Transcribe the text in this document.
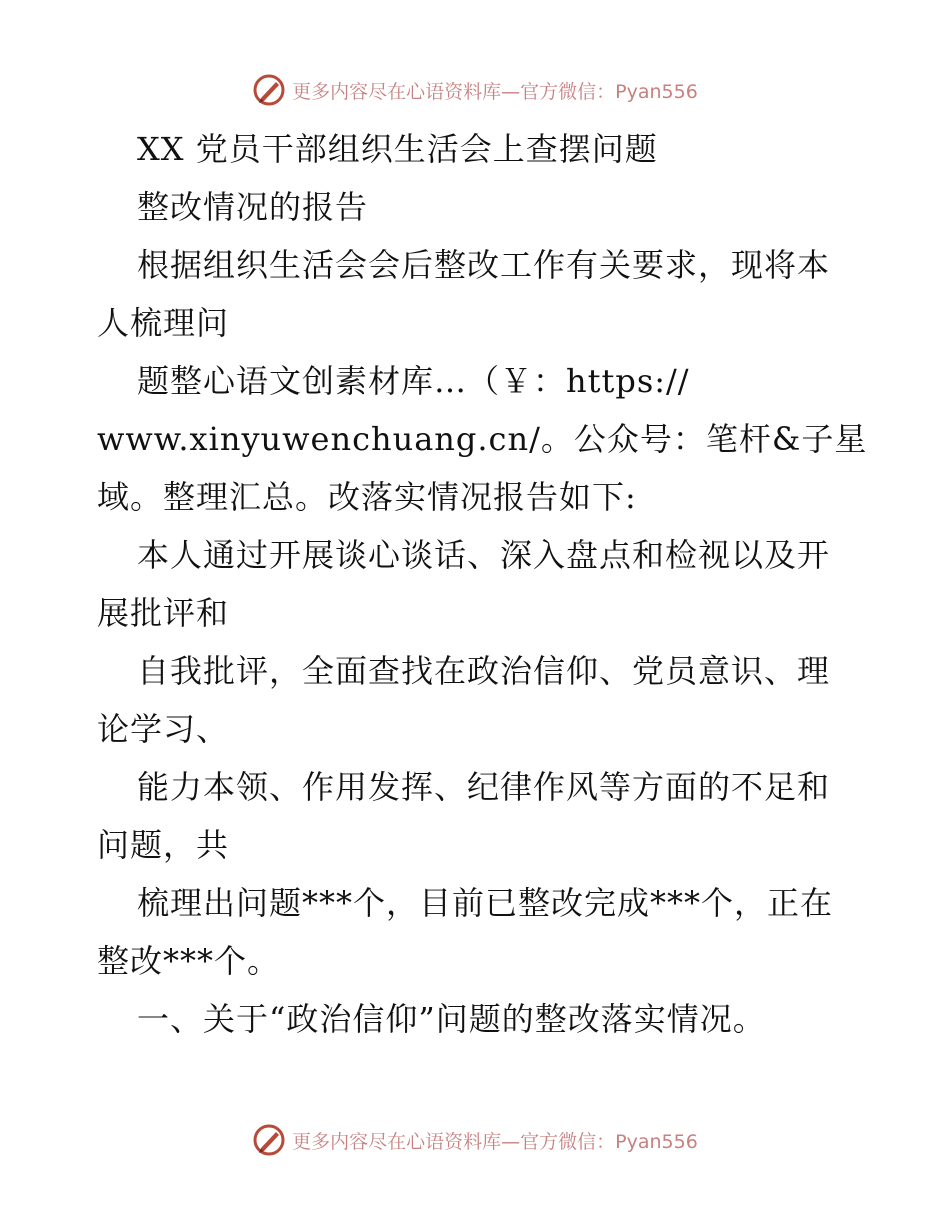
更多内容尽在心语资料库—官方微信：Pyan556
XX 党员干部组织生活会上查摆问题
整改情况的报告
根据组织生活会会后整改工作有关要求，现将本
人梳理问
题整心语文创素材库…（￥：https://
www.xinyuwenchuang.cn/。公众号：笔杆&子星
域。整理汇总。改落实情况报告如下:
本人通过开展谈心谈话、深入盘点和检视以及开
展批评和
自我批评，全面查找在政治信仰、党员意识、理
论学习、
能力本领、作用发挥、纪律作风等方面的不足和
问题，共
梳理出问题***个，目前已整改完成***个，正在
整改***个。
一、关于“政治信仰”问题的整改落实情况。
更多内容尽在心语资料库—官方微信：Pyan556
